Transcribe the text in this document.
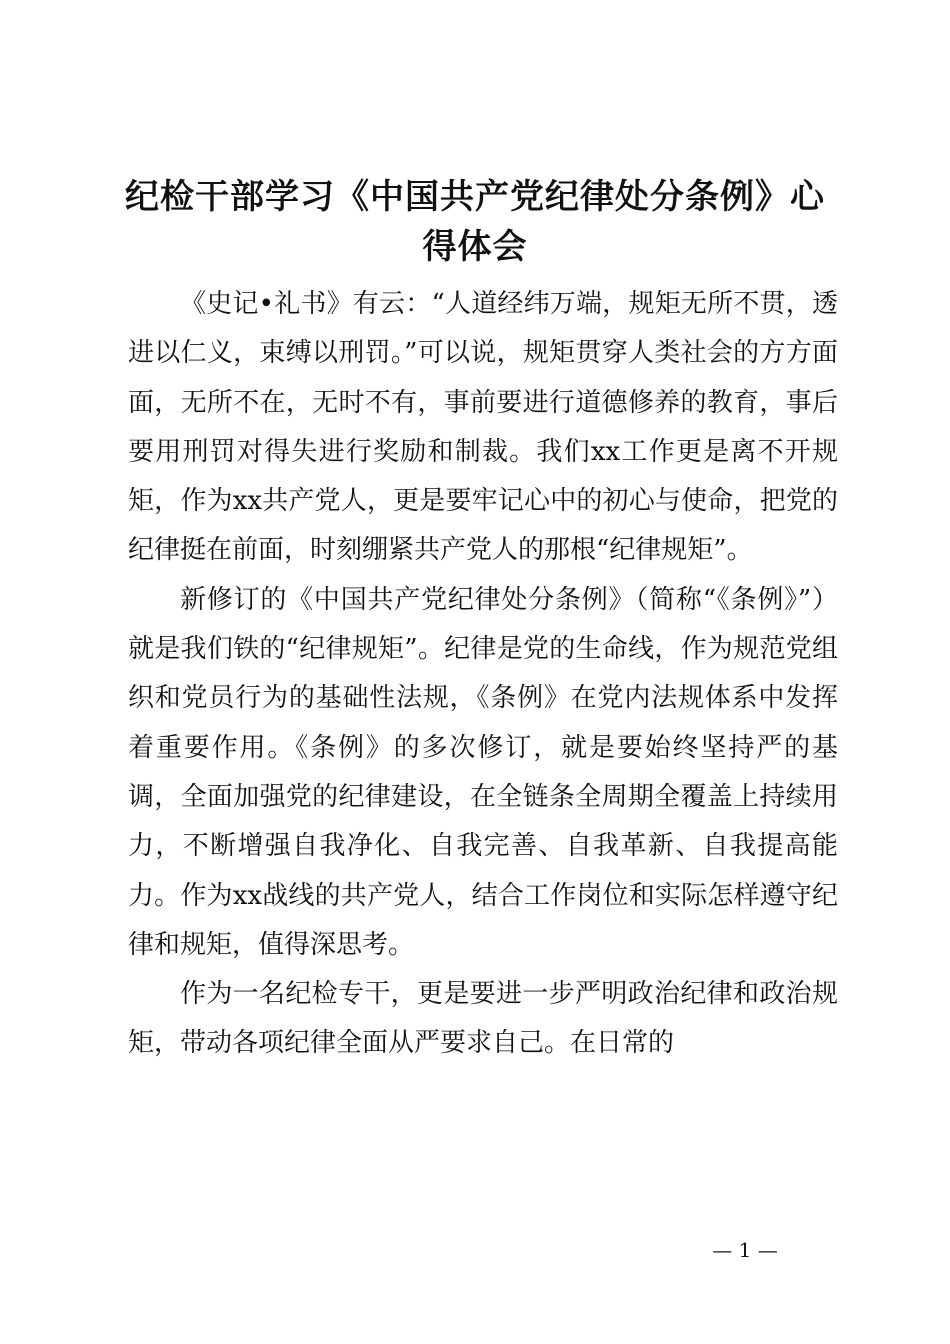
纪检干部学习《中国共产党纪律处分条例》心得体会

《史记•礼书》有云：“人道经纬万端，规矩无所不贯，透进以仁义，束缚以刑罚。”可以说，规矩贯穿人类社会的方方面面，无所不在，无时不有，事前要进行道德修养的教育，事后要用刑罚对得失进行奖励和制裁。我们xx工作更是离不开规矩，作为xx共产党人，更是要牢记心中的初心与使命，把党的纪律挺在前面，时刻绷紧共产党人的那根“纪律规矩”。

新修订的《中国共产党纪律处分条例》（简称“《条例》”）就是我们铁的“纪律规矩”。纪律是党的生命线，作为规范党组织和党员行为的基础性法规，《条例》在党内法规体系中发挥着重要作用。《条例》的多次修订，就是要始终坚持严的基调，全面加强党的纪律建设，在全链条全周期全覆盖上持续用力，不断增强自我净化、自我完善、自我革新、自我提高能力。作为xx战线的共产党人，结合工作岗位和实际怎样遵守纪律和规矩，值得深思考。

作为一名纪检专干，更是要进一步严明政治纪律和政治规矩，带动各项纪律全面从严要求自己。在日常的

— 1 —
